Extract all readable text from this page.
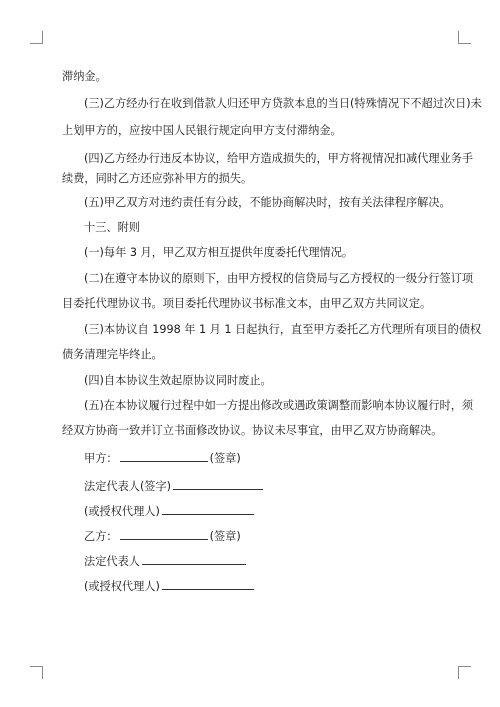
滞纳金。
(三)乙方经办行在收到借款人归还甲方贷款本息的当日(特殊情况下不超过次日)未
上划甲方的，应按中国人民银行规定向甲方支付滞纳金。
(四)乙方经办行违反本协议，给甲方造成损失的，甲方将视情况扣减代理业务手
续费，同时乙方还应弥补甲方的损失。
(五)甲乙双方对违约责任有分歧，不能协商解决时，按有关法律程序解决。
十三、附则
(一)每年 3 月，甲乙双方相互提供年度委托代理情况。
(二)在遵守本协议的原则下，由甲方授权的信贷局与乙方授权的一级分行签订项
目委托代理协议书。项目委托代理协议书标准文本，由甲乙双方共同议定。
(三)本协议自 1998 年 1 月 1 日起执行，直至甲方委托乙方代理所有项目的债权
债务清理完毕终止。
(四)自本协议生效起原协议同时废止。
(五)在本协议履行过程中如一方提出修改或遇政策调整而影响本协议履行时，须
经双方协商一致并订立书面修改协议。协议未尽事宜，由甲乙双方协商解决。
甲方：	(签章)
法定代表人(签字)
(或授权代理人)
乙方：	(签章)
法定代表人
(或授权代理人)
